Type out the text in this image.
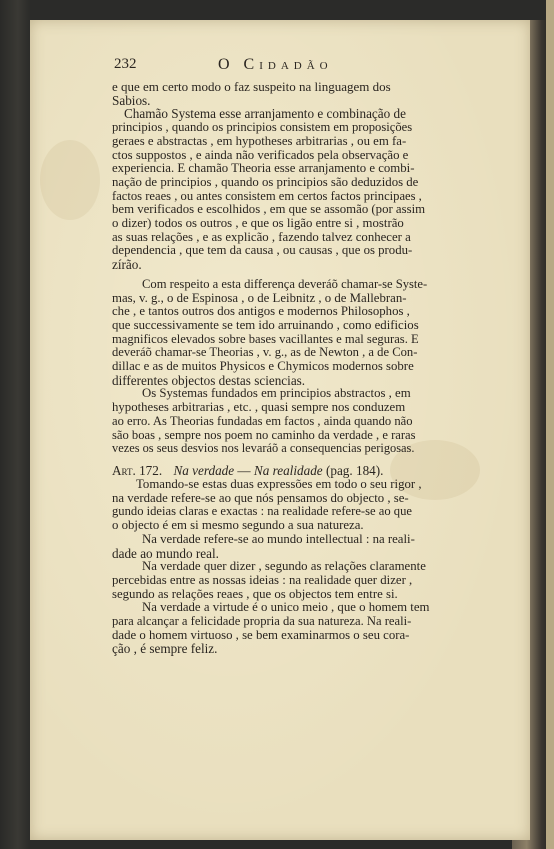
232	O Cidadão

e que em certo modo o faz suspeito na linguagem dos
Sabios.

Chamão Systema esse arranjamento e combinação de
principios , quando os principios consistem em proposições
geraes e abstractas , em hypotheses arbitrarias , ou em fa-
ctos suppostos , e ainda não verificados pela observação e
experiencia. E chamão Theoria esse arranjamento e combi-
nação de principios , quando os principios são deduzidos de
factos reaes , ou antes consistem em certos factos principaes ,
bem verificados e escolhidos , em que se assomão (por assim
o dizer) todos os outros , e que os ligão entre si , mostrão
as suas relações , e as explicão , fazendo talvez conhecer a
dependencia , que tem da causa , ou causas , que os produ-
zírão.

Com respeito a esta differença deveráõ chamar-se Syste-
mas, v. g., o de Espinosa , o de Leibnitz , o de Mallebran-
che , e tantos outros dos antigos e modernos Philosophos ,
que successivamente se tem ido arruinando , como edificios
magnificos elevados sobre bases vacillantes e mal seguras. E
deveráõ chamar-se Theorias , v. g., as de Newton , a de Con-
dillac e as de muitos Physicos e Chymicos modernos sobre
differentes objectos destas sciencias.

Os Systemas fundados em principios abstractos , em
hypotheses arbitrarias , etc. , quasi sempre nos conduzem
ao erro. As Theorias fundadas em factos , ainda quando não
são boas , sempre nos poem no caminho da verdade , e raras
vezes os seus desvios nos levaráõ a consequencias perigosas.

Art. 172. Na verdade — Na realidade (pag. 184).

Tomando-se estas duas expressões em todo o seu rigor ,
na verdade refere-se ao que nós pensamos do objecto , se-
gundo ideias claras e exactas : na realidade refere-se ao que
o objecto é em si mesmo segundo a sua natureza.

Na verdade refere-se ao mundo intellectual : na reali-
dade ao mundo real.

Na verdade quer dizer , segundo as relações claramente
percebidas entre as nossas ideias : na realidade quer dizer ,
segundo as relações reaes , que os objectos tem entre si.

Na verdade a virtude é o unico meio , que o homem tem
para alcançar a felicidade propria da sua natureza. Na reali-
dade o homem virtuoso , se bem examinarmos o seu cora-
ção , é sempre feliz.
